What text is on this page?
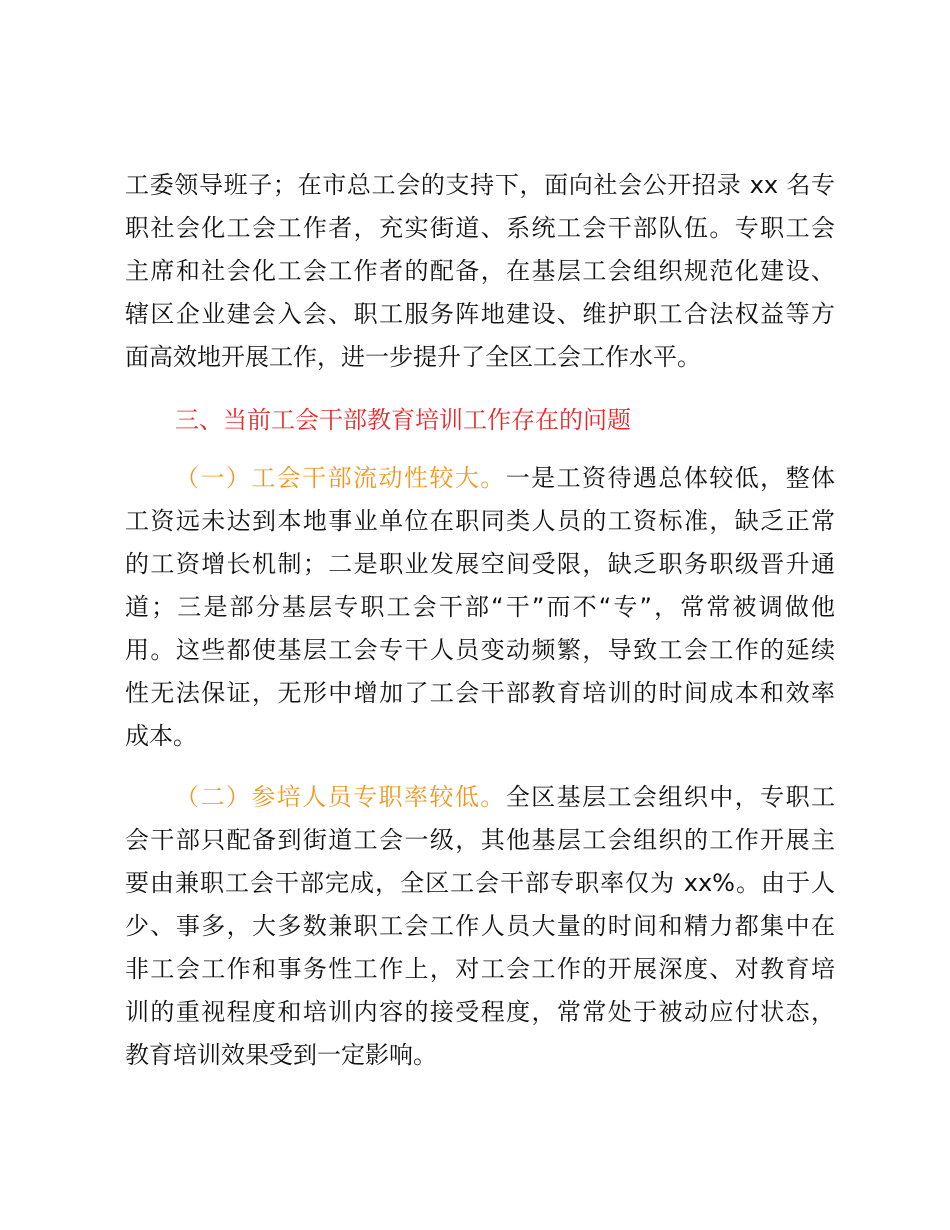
工委领导班子；在市总工会的支持下，面向社会公开招录 xx 名专
职社会化工会工作者，充实街道、系统工会干部队伍。专职工会
主席和社会化工会工作者的配备，在基层工会组织规范化建设、
辖区企业建会入会、职工服务阵地建设、维护职工合法权益等方
面高效地开展工作，进一步提升了全区工会工作水平。
三、当前工会干部教育培训工作存在的问题
（一）工会干部流动性较大。一是工资待遇总体较低，整体
工资远未达到本地事业单位在职同类人员的工资标准，缺乏正常
的工资增长机制；二是职业发展空间受限，缺乏职务职级晋升通
道；三是部分基层专职工会干部“干”而不“专”，常常被调做他
用。这些都使基层工会专干人员变动频繁，导致工会工作的延续
性无法保证，无形中增加了工会干部教育培训的时间成本和效率
成本。
（二）参培人员专职率较低。全区基层工会组织中，专职工
会干部只配备到街道工会一级，其他基层工会组织的工作开展主
要由兼职工会干部完成，全区工会干部专职率仅为 xx%。由于人
少、事多，大多数兼职工会工作人员大量的时间和精力都集中在
非工会工作和事务性工作上，对工会工作的开展深度、对教育培
训的重视程度和培训内容的接受程度，常常处于被动应付状态，
教育培训效果受到一定影响。
